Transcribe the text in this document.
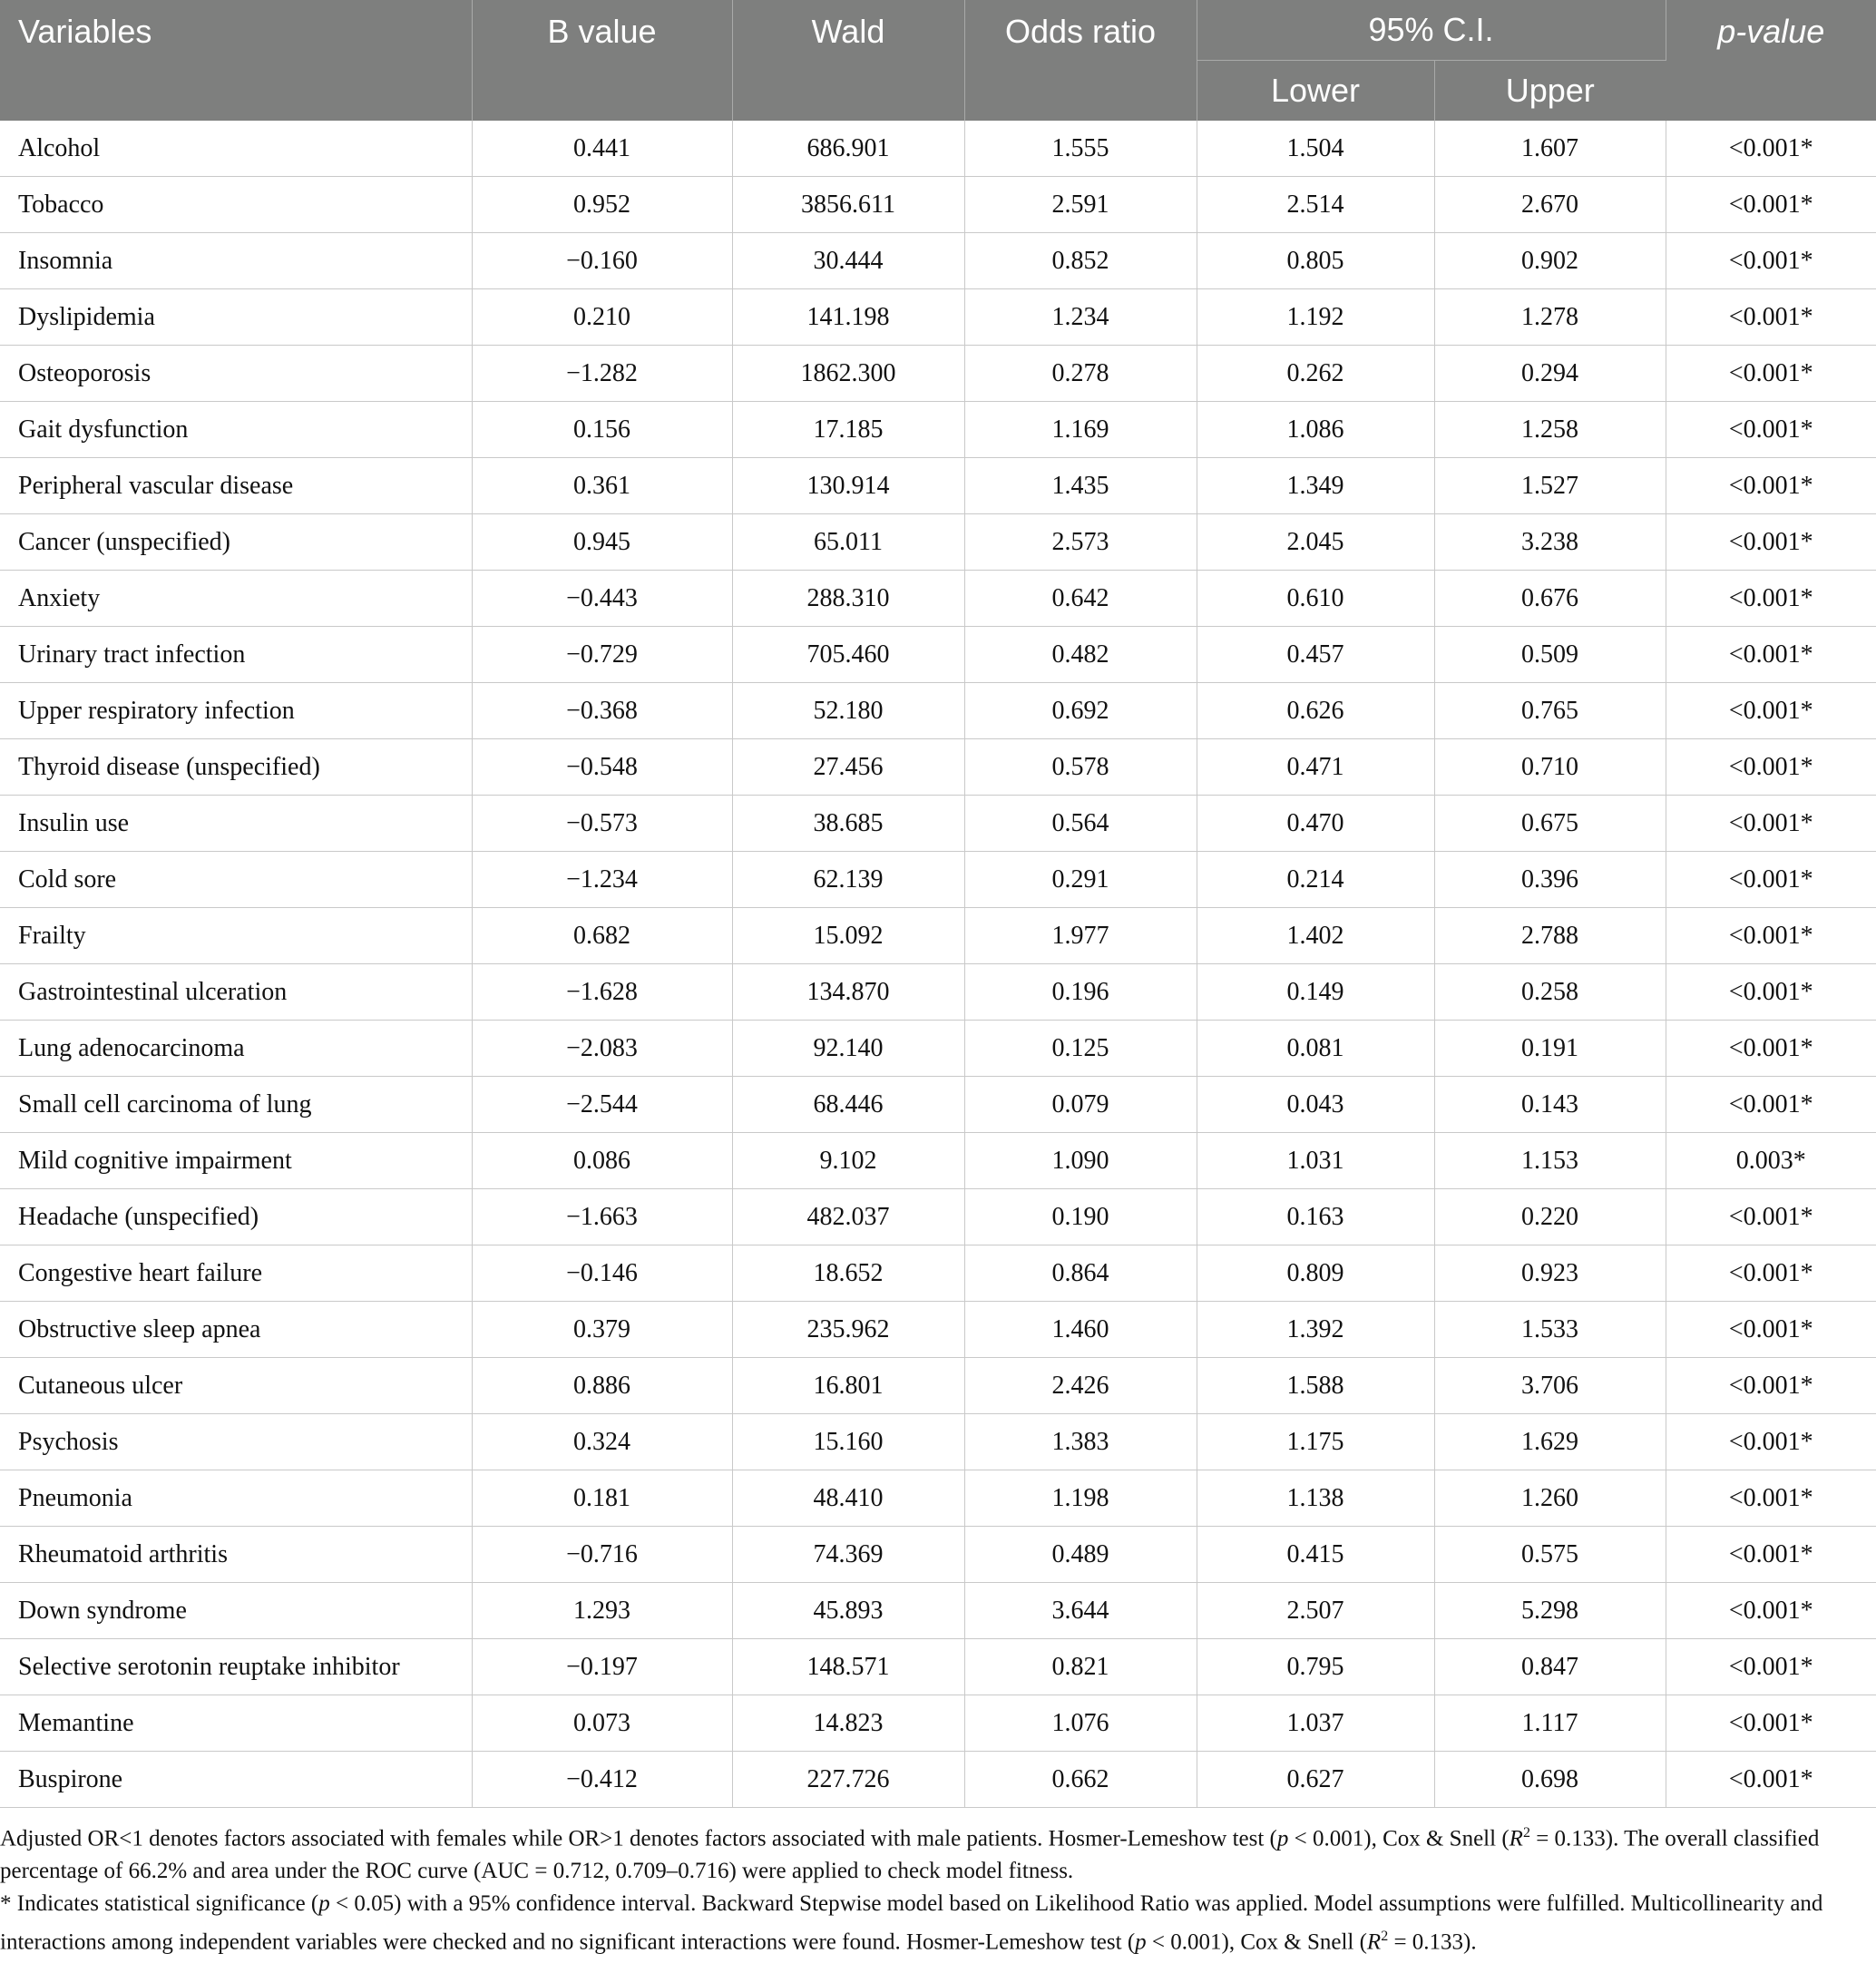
Variables	B value	Wald	Odds ratio	95% C.I.		p-value
				Lower	Upper	
Alcohol	0.441	686.901	1.555	1.504	1.607	<0.001*
Tobacco	0.952	3856.611	2.591	2.514	2.670	<0.001*
Insomnia	−0.160	30.444	0.852	0.805	0.902	<0.001*
Dyslipidemia	0.210	141.198	1.234	1.192	1.278	<0.001*
Osteoporosis	−1.282	1862.300	0.278	0.262	0.294	<0.001*
Gait dysfunction	0.156	17.185	1.169	1.086	1.258	<0.001*
Peripheral vascular disease	0.361	130.914	1.435	1.349	1.527	<0.001*
Cancer (unspecified)	0.945	65.011	2.573	2.045	3.238	<0.001*
Anxiety	−0.443	288.310	0.642	0.610	0.676	<0.001*
Urinary tract infection	−0.729	705.460	0.482	0.457	0.509	<0.001*
Upper respiratory infection	−0.368	52.180	0.692	0.626	0.765	<0.001*
Thyroid disease (unspecified)	−0.548	27.456	0.578	0.471	0.710	<0.001*
Insulin use	−0.573	38.685	0.564	0.470	0.675	<0.001*
Cold sore	−1.234	62.139	0.291	0.214	0.396	<0.001*
Frailty	0.682	15.092	1.977	1.402	2.788	<0.001*
Gastrointestinal ulceration	−1.628	134.870	0.196	0.149	0.258	<0.001*
Lung adenocarcinoma	−2.083	92.140	0.125	0.081	0.191	<0.001*
Small cell carcinoma of lung	−2.544	68.446	0.079	0.043	0.143	<0.001*
Mild cognitive impairment	0.086	9.102	1.090	1.031	1.153	0.003*
Headache (unspecified)	−1.663	482.037	0.190	0.163	0.220	<0.001*
Congestive heart failure	−0.146	18.652	0.864	0.809	0.923	<0.001*
Obstructive sleep apnea	0.379	235.962	1.460	1.392	1.533	<0.001*
Cutaneous ulcer	0.886	16.801	2.426	1.588	3.706	<0.001*
Psychosis	0.324	15.160	1.383	1.175	1.629	<0.001*
Pneumonia	0.181	48.410	1.198	1.138	1.260	<0.001*
Rheumatoid arthritis	−0.716	74.369	0.489	0.415	0.575	<0.001*
Down syndrome	1.293	45.893	3.644	2.507	5.298	<0.001*
Selective serotonin reuptake inhibitor	−0.197	148.571	0.821	0.795	0.847	<0.001*
Memantine	0.073	14.823	1.076	1.037	1.117	<0.001*
Buspirone	−0.412	227.726	0.662	0.627	0.698	<0.001*

Adjusted OR<1 denotes factors associated with females while OR>1 denotes factors associated with male patients. Hosmer-Lemeshow test (p < 0.001), Cox & Snell $(R^2 = 0.133)$. The overall classified percentage of 66.2% and area under the ROC curve (AUC = 0.712, 0.709–0.716) were applied to check model fitness.

* Indicates statistical significance (p < 0.05) with a 95% confidence interval. Backward Stepwise model based on Likelihood Ratio was applied. Model assumptions were fulfilled. Multicollinearity and interactions among independent variables were checked and no significant interactions were found. Hosmer-Lemeshow test (p < 0.001), Cox & Snell $(R^2 = 0.133)$.
